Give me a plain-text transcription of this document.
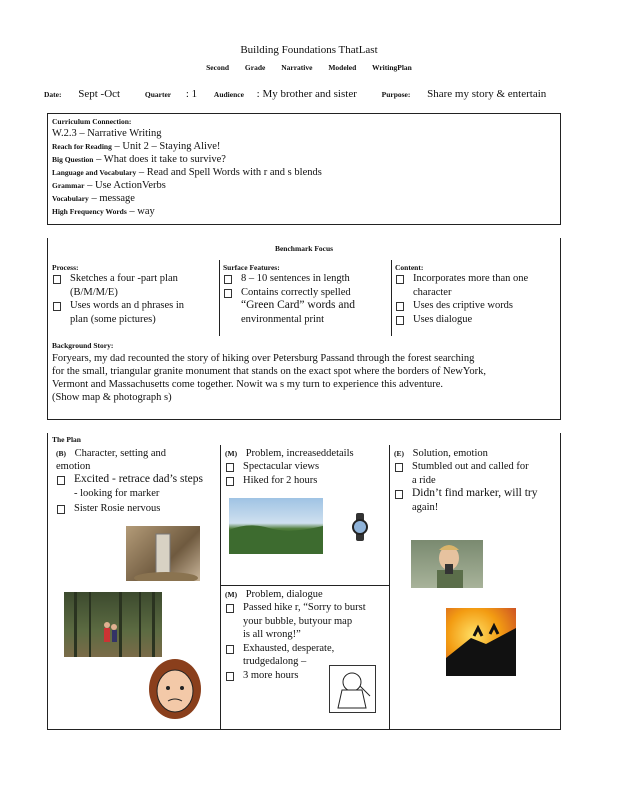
Building Foundations ThatLast
Second Grade Narrative Modeled WritingPlan
Date: Sept -Oct	Quarter : 1 Audience : My brother and sister	Purpose: Share my story & entertain
Curriculum Connection:
W.2.3 – Narrative Writing
Reach for Reading – Unit 2 – Staying Alive!
Big Question – What does it take to survive?
Language and Vocabulary – Read and Spell Words with r and s blends
Grammar – Use ActionVerbs
Vocabulary – message
High Frequency Words – way
Benchmark Focus
Process:
Sketches a four -part plan
(B/M/M/E)
Uses words an d phrases in
plan (some pictures)
Surface Features:
8 – 10 sentences in length
Contains correctly spelled
“Green Card” words and
environmental print
Content:
Incorporates more than one
character
Uses des criptive words
Uses dialogue
Background Story:
Foryears, my dad recounted the story of hiking over Petersburg Passand through the forest searching
for the small, triangular granite monument that stands on the exact spot where the borders of NewYork,
Vermont and Massachusetts come together. Nowit wa s my turn to experience this adventure.
(Show map & photograph s)
The Plan
(B) Character, setting and
emotion
Excited - retrace dad’s steps
- looking for marker
Sister Rosie nervous
(M) Problem, increaseddetails
Spectacular views
Hiked for 2 hours
(M) Problem, dialogue
Passed hike r, “Sorry to burst
your bubble, butyour map
is all wrong!”
Exhausted, desperate,
trudgedalong –
3 more hours
(E) Solution, emotion
Stumbled out and called for
a ride
Didn’t find marker, will try
again!
